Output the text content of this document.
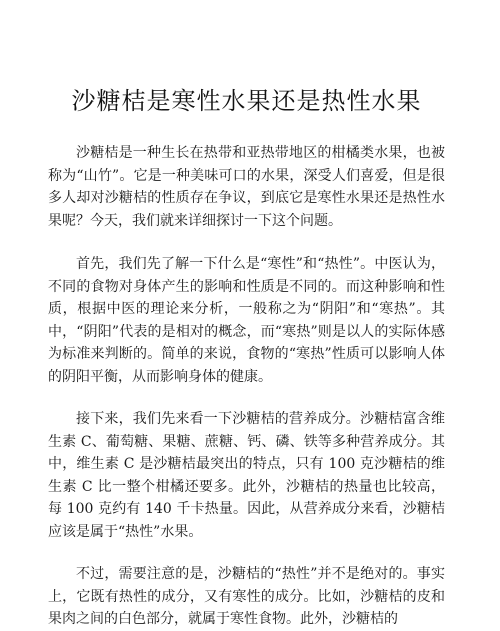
沙糖桔是寒性水果还是热性水果

沙糖桔是一种生长在热带和亚热带地区的柑橘类水果，也被称为“山竹”。它是一种美味可口的水果，深受人们喜爱，但是很多人却对沙糖桔的性质存在争议，到底它是寒性水果还是热性水果呢？今天，我们就来详细探讨一下这个问题。

首先，我们先了解一下什么是“寒性”和“热性”。中医认为，不同的食物对身体产生的影响和性质是不同的。而这种影响和性质，根据中医的理论来分析，一般称之为“阴阳”和“寒热”。其中，“阴阳”代表的是相对的概念，而“寒热”则是以人的实际体感为标准来判断的。简单的来说，食物的“寒热”性质可以影响人体的阴阳平衡，从而影响身体的健康。

接下来，我们先来看一下沙糖桔的营养成分。沙糖桔富含维生素 C、葡萄糖、果糖、蔗糖、钙、磷、铁等多种营养成分。其中，维生素 C 是沙糖桔最突出的特点，只有 100 克沙糖桔的维生素 C 比一整个柑橘还要多。此外，沙糖桔的热量也比较高，每 100 克约有 140 千卡热量。因此，从营养成分来看，沙糖桔应该是属于“热性”水果。

不过，需要注意的是，沙糖桔的“热性”并不是绝对的。事实上，它既有热性的成分，又有寒性的成分。比如，沙糖桔的皮和果肉之间的白色部分，就属于寒性食物。此外，沙糖桔的
